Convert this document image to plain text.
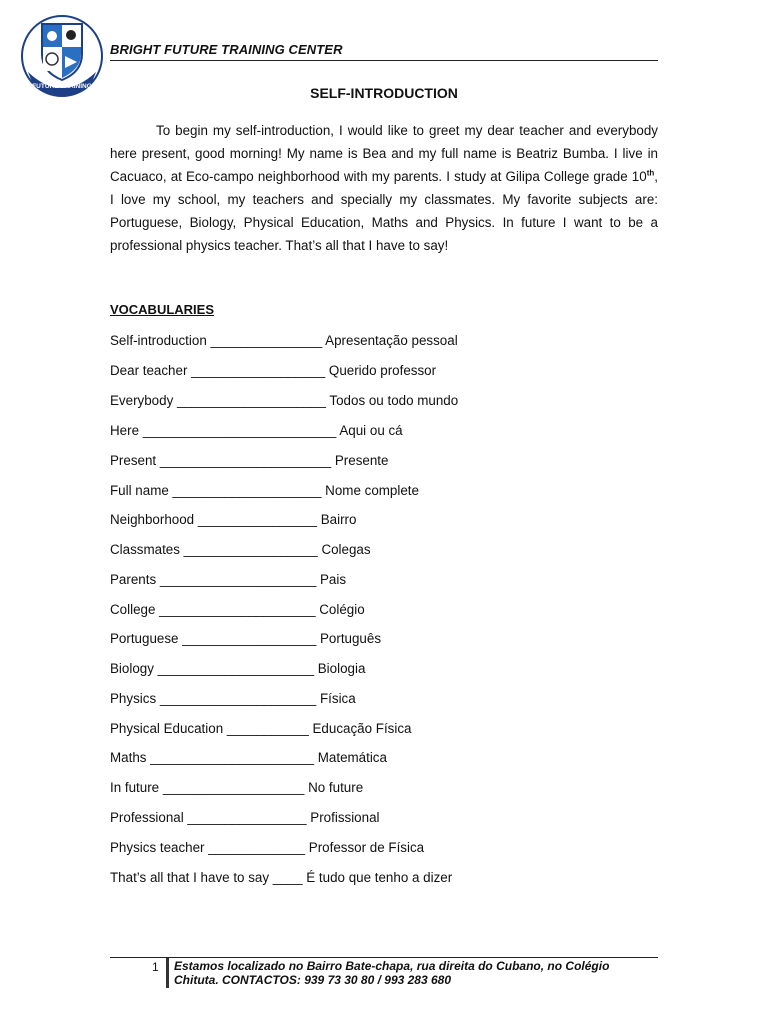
FUTURE TRAINING
BRIGHT FUTURE TRAINING CENTER
SELF-INTRODUCTION
To begin my self-introduction, I would like to greet my dear teacher and everybody here present, good morning! My name is Bea and my full name is Beatriz Bumba. I live in Cacuaco, at Eco-campo neighborhood with my parents. I study at Gilipa College grade 10th, I love my school, my teachers and specially my classmates. My favorite subjects are: Portuguese, Biology, Physical Education, Maths and Physics. In future I want to be a professional physics teacher. That’s all that I have to say!
VOCABULARIES
Self-introduction _______________ Apresentação pessoal
Dear teacher __________________ Querido professor
Everybody ____________________ Todos ou todo mundo
Here __________________________ Aqui ou cá
Present _______________________ Presente
Full name ____________________ Nome complete
Neighborhood ________________ Bairro
Classmates __________________ Colegas
Parents _____________________ Pais
College _____________________ Colégio
Portuguese __________________ Português
Biology _____________________ Biologia
Physics _____________________ Física
Physical Education ___________ Educação Física
Maths ______________________ Matemática
In future ___________________ No future
Professional ________________ Profissional
Physics teacher _____________ Professor de Física
That’s all that I have to say ____ É tudo que tenho a dizer
1 Estamos localizado no Bairro Bate-chapa, rua direita do Cubano, no Colégio
Chituta. CONTACTOS: 939 73 30 80 / 993 283 680
